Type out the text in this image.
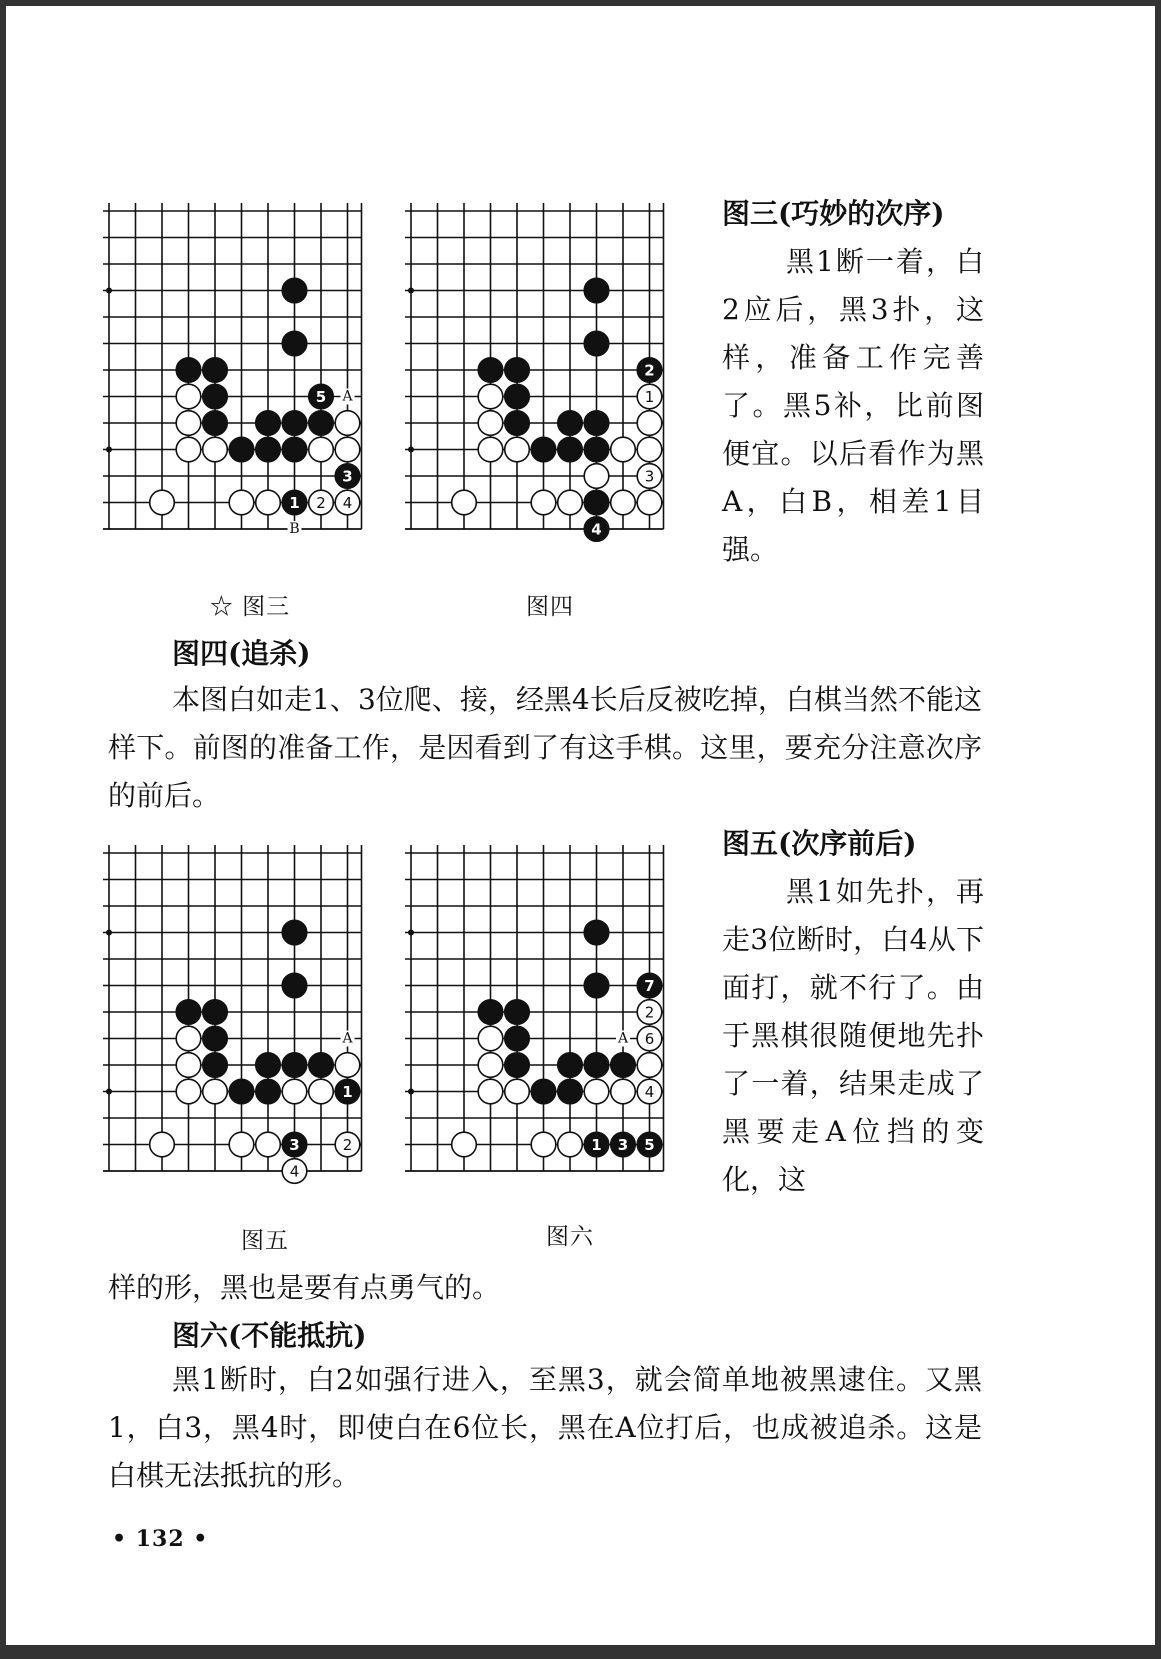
5
1 2
3
4
A
B
☆ 图三
2
1
3
4
图四
1
2
3
4
A
图五
7
2
6
4
1 3 5
A
图六
图三(巧妙的次序)
黑1断一着，白2应后，黑3扑，这样，准备工作完善了。黑5补，比前图便宜。以后看作为黑A，白B，相差1目强。
图四(追杀)

本图白如走1、3位爬、接，经黑4长后反被吃掉，白棋当然不能这样下。前图的准备工作，是因看到了有这手棋。这里，要充分注意次序的前后。

图五(次序前后)
黑1如先扑，再走3位断时，白4从下面打，就不行了。由于黑棋很随便地先扑了一着，结果走成了黑要走A位挡的变化，这
样的形，黑也是要有点勇气的。
图六(不能抵抗)

黑1断时，白2如强行进入，至黑3，就会简单地被黑逮住。又黑1，白3，黑4时，即使白在6位长，黑在A位打后，也成被追杀。这是白棋无法抵抗的形。

• 132 •
